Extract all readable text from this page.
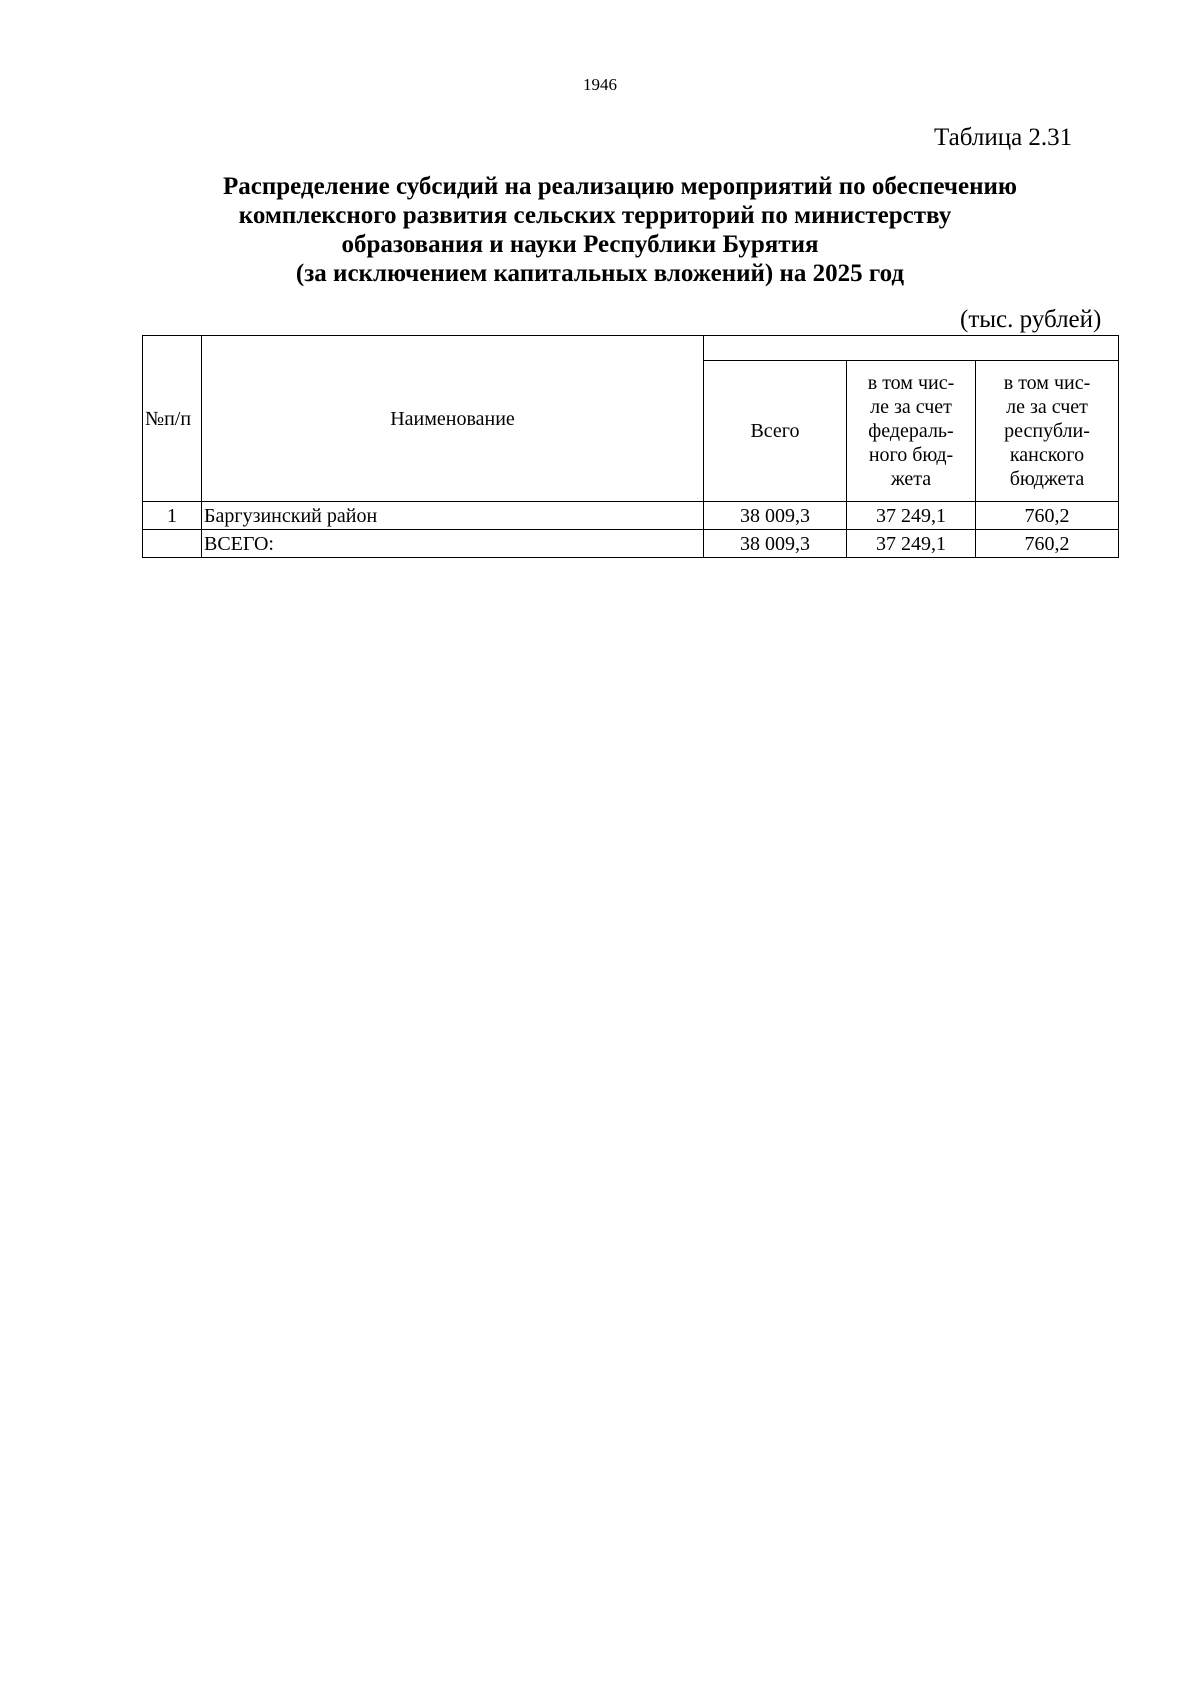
1946
Таблица 2.31
Распределение субсидий на реализацию мероприятий по обеспечению
комплексного развития сельских территорий по министерству
образования и науки Республики Бурятия
(за исключением капитальных вложений) на 2025 год
(тыс. рублей)
№п/п	Наименование			
		Всего	в том чис-
ле за счет
федераль-
ного бюд-
жета	в том чис-
ле за счет
республи-
канского
бюджета
1	Баргузинский район	38 009,3	37 249,1	760,2
	ВСЕГО:	38 009,3	37 249,1	760,2
